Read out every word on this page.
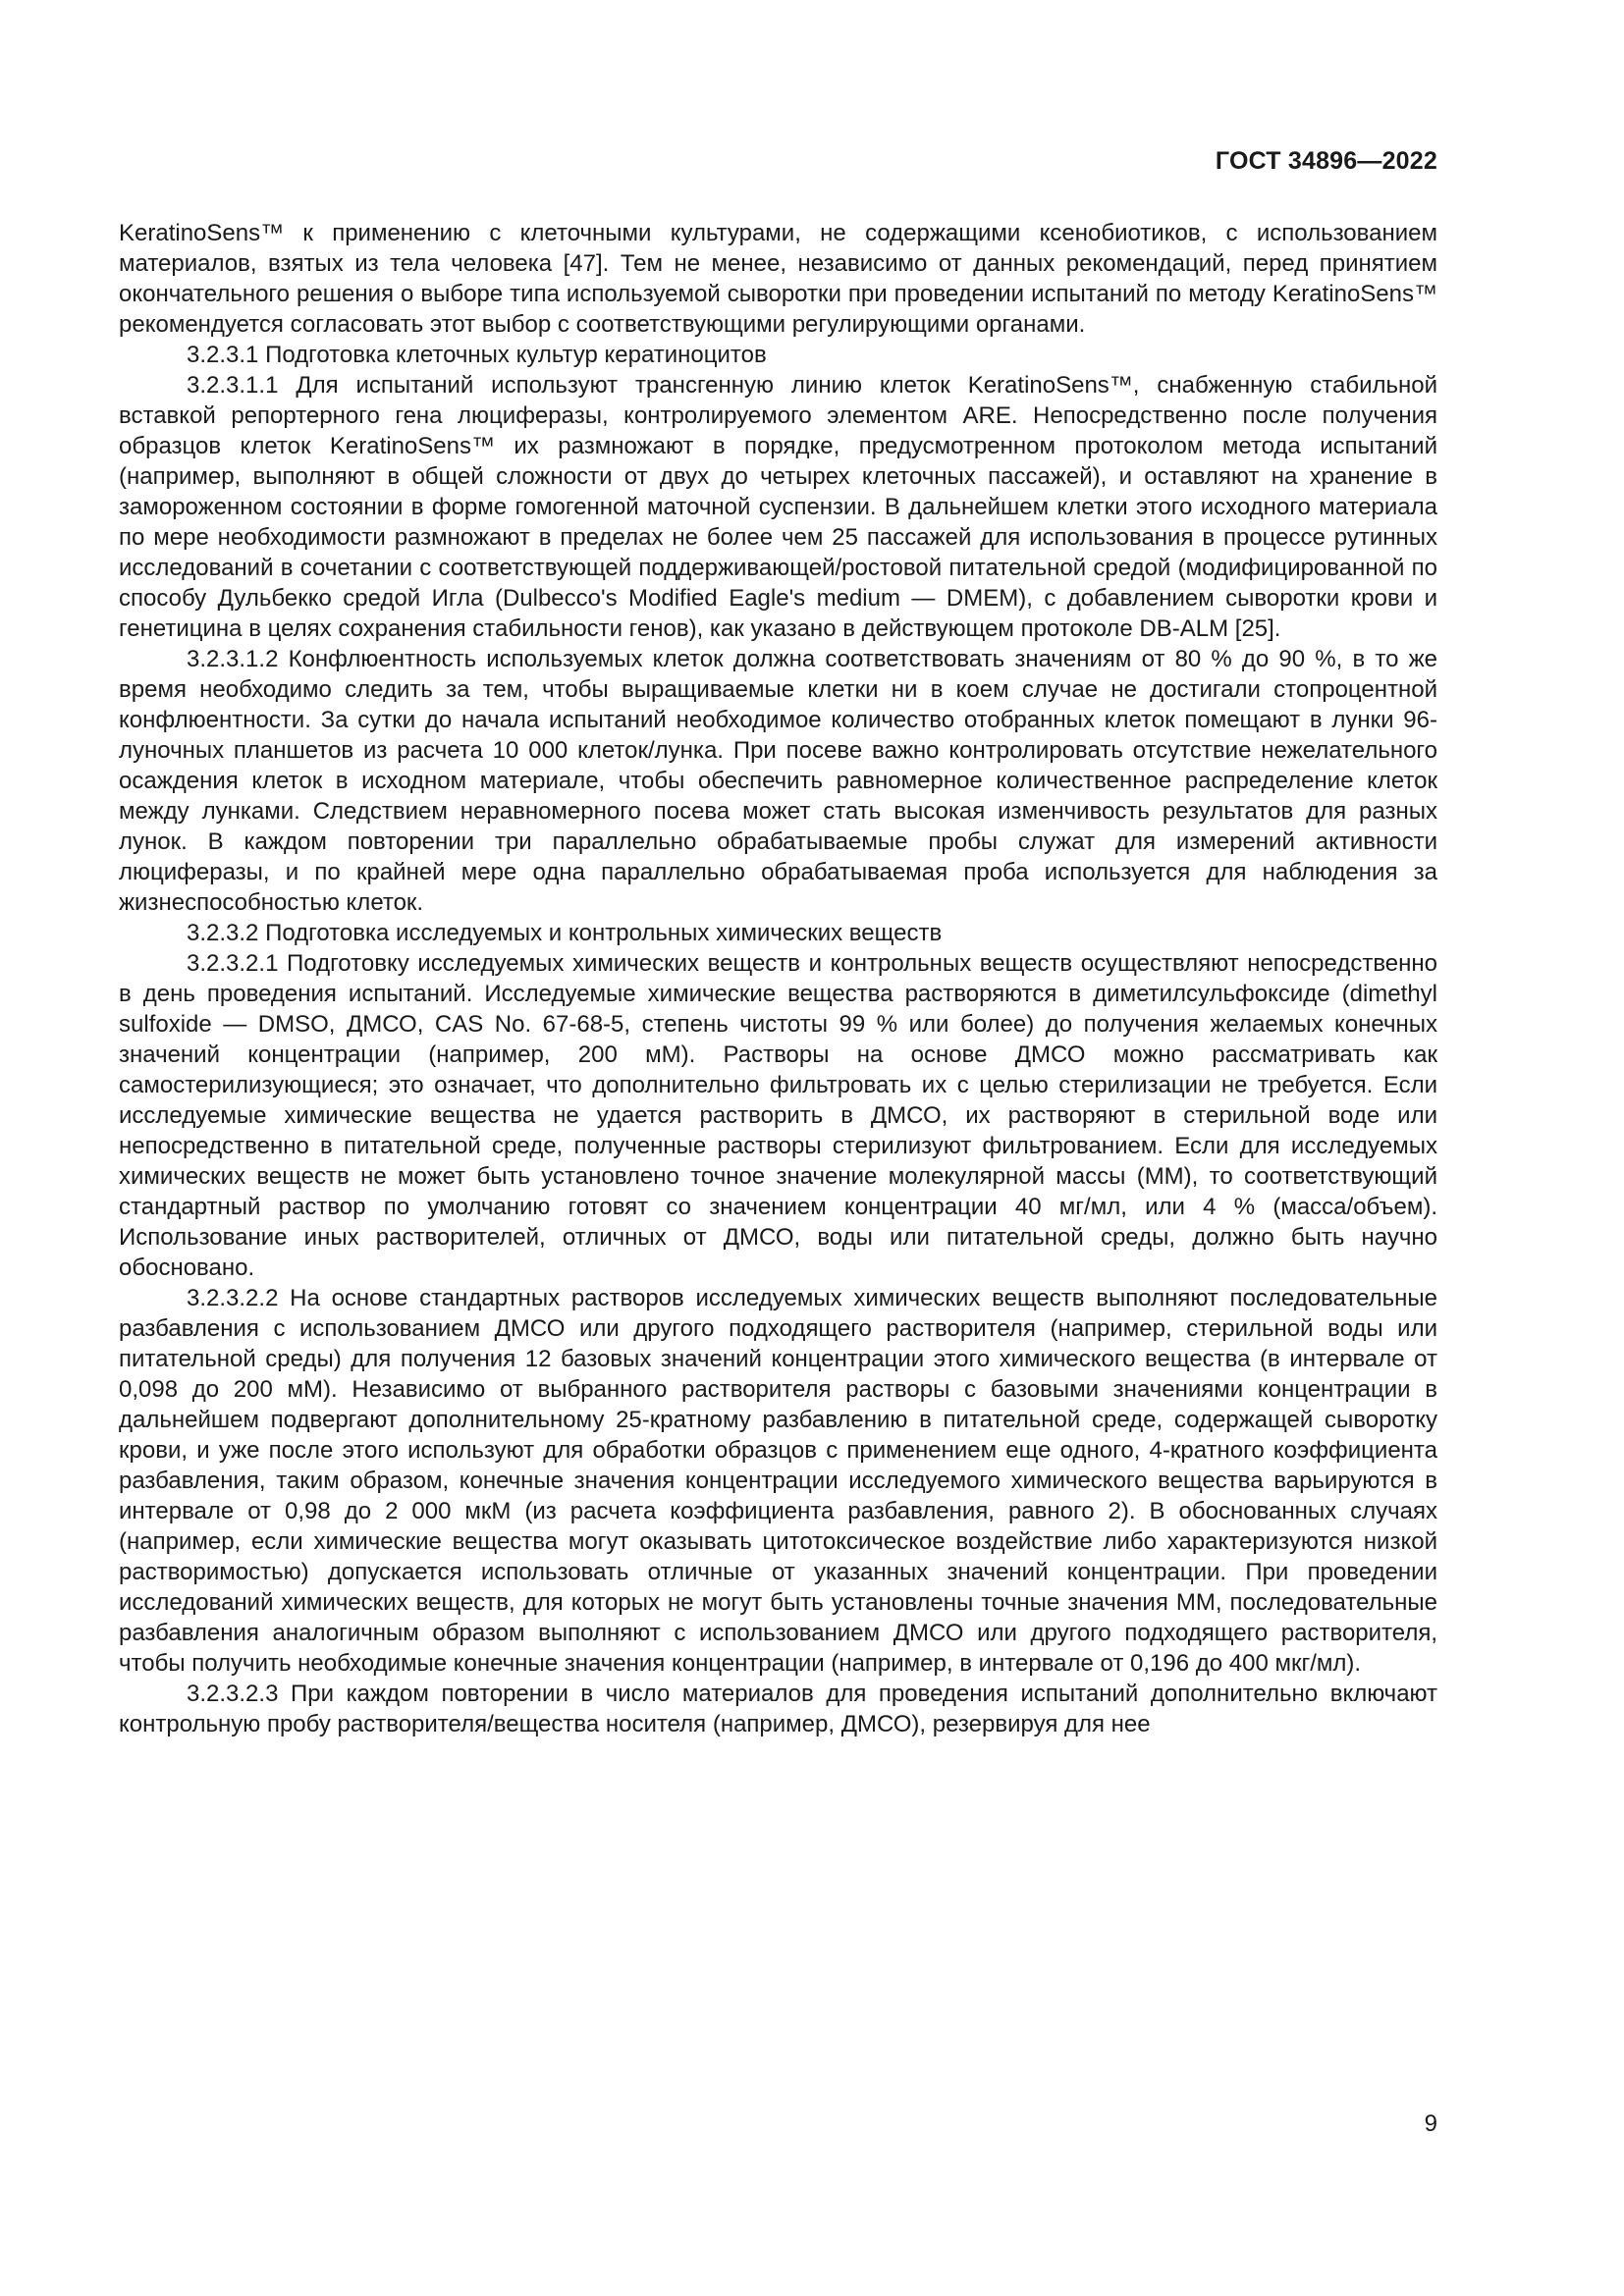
ГОСТ 34896—2022

KeratinoSens™ к применению с клеточными культурами, не содержащими ксенобиотиков, с использованием материалов, взятых из тела человека [47]. Тем не менее, независимо от данных рекомендаций, перед принятием окончательного решения о выборе типа используемой сыворотки при проведении испытаний по методу KeratinoSens™ рекомендуется согласовать этот выбор с соответствующими регулирующими органами.

3.2.3.1 Подготовка клеточных культур кератиноцитов

3.2.3.1.1 Для испытаний используют трансгенную линию клеток KeratinoSens™, снабженную стабильной вставкой репортерного гена люциферазы, контролируемого элементом ARE. Непосредственно после получения образцов клеток KeratinoSens™ их размножают в порядке, предусмотренном протоколом метода испытаний (например, выполняют в общей сложности от двух до четырех клеточных пассажей), и оставляют на хранение в замороженном состоянии в форме гомогенной маточной суспензии. В дальнейшем клетки этого исходного материала по мере необходимости размножают в пределах не более чем 25 пассажей для использования в процессе рутинных исследований в сочетании с соответствующей поддерживающей/ростовой питательной средой (модифицированной по способу Дульбекко средой Игла (Dulbecco's Modified Eagle's medium — DMEM), с добавлением сыворотки крови и генетицина в целях сохранения стабильности генов), как указано в действующем протоколе DB-ALM [25].

3.2.3.1.2 Конфлюентность используемых клеток должна соответствовать значениям от 80 % до 90 %, в то же время необходимо следить за тем, чтобы выращиваемые клетки ни в коем случае не достигали стопроцентной конфлюентности. За сутки до начала испытаний необходимое количество отобранных клеток помещают в лунки 96-луночных планшетов из расчета 10 000 клеток/лунка. При посеве важно контролировать отсутствие нежелательного осаждения клеток в исходном материале, чтобы обеспечить равномерное количественное распределение клеток между лунками. Следствием неравномерного посева может стать высокая изменчивость результатов для разных лунок. В каждом повторении три параллельно обрабатываемые пробы служат для измерений активности люциферазы, и по крайней мере одна параллельно обрабатываемая проба используется для наблюдения за жизнеспособностью клеток.

3.2.3.2 Подготовка исследуемых и контрольных химических веществ

3.2.3.2.1 Подготовку исследуемых химических веществ и контрольных веществ осуществляют непосредственно в день проведения испытаний. Исследуемые химические вещества растворяются в диметилсульфоксиде (dimethyl sulfoxide — DMSO, ДМСО, CAS No. 67-68-5, степень чистоты 99 % или более) до получения желаемых конечных значений концентрации (например, 200 мМ). Растворы на основе ДМСО можно рассматривать как самостерилизующиеся; это означает, что дополнительно фильтровать их с целью стерилизации не требуется. Если исследуемые химические вещества не удается растворить в ДМСО, их растворяют в стерильной воде или непосредственно в питательной среде, полученные растворы стерилизуют фильтрованием. Если для исследуемых химических веществ не может быть установлено точное значение молекулярной массы (ММ), то соответствующий стандартный раствор по умолчанию готовят со значением концентрации 40 мг/мл, или 4 % (масса/объем). Использование иных растворителей, отличных от ДМСО, воды или питательной среды, должно быть научно обосновано.

3.2.3.2.2 На основе стандартных растворов исследуемых химических веществ выполняют последовательные разбавления с использованием ДМСО или другого подходящего растворителя (например, стерильной воды или питательной среды) для получения 12 базовых значений концентрации этого химического вещества (в интервале от 0,098 до 200 мМ). Независимо от выбранного растворителя растворы с базовыми значениями концентрации в дальнейшем подвергают дополнительному 25-кратному разбавлению в питательной среде, содержащей сыворотку крови, и уже после этого используют для обработки образцов с применением еще одного, 4-кратного коэффициента разбавления, таким образом, конечные значения концентрации исследуемого химического вещества варьируются в интервале от 0,98 до 2 000 мкМ (из расчета коэффициента разбавления, равного 2). В обоснованных случаях (например, если химические вещества могут оказывать цитотоксическое воздействие либо характеризуются низкой растворимостью) допускается использовать отличные от указанных значений концентрации. При проведении исследований химических веществ, для которых не могут быть установлены точные значения ММ, последовательные разбавления аналогичным образом выполняют с использованием ДМСО или другого подходящего растворителя, чтобы получить необходимые конечные значения концентрации (например, в интервале от 0,196 до 400 мкг/мл).

3.2.3.2.3 При каждом повторении в число материалов для проведения испытаний дополнительно включают контрольную пробу растворителя/вещества носителя (например, ДМСО), резервируя для нее

9
